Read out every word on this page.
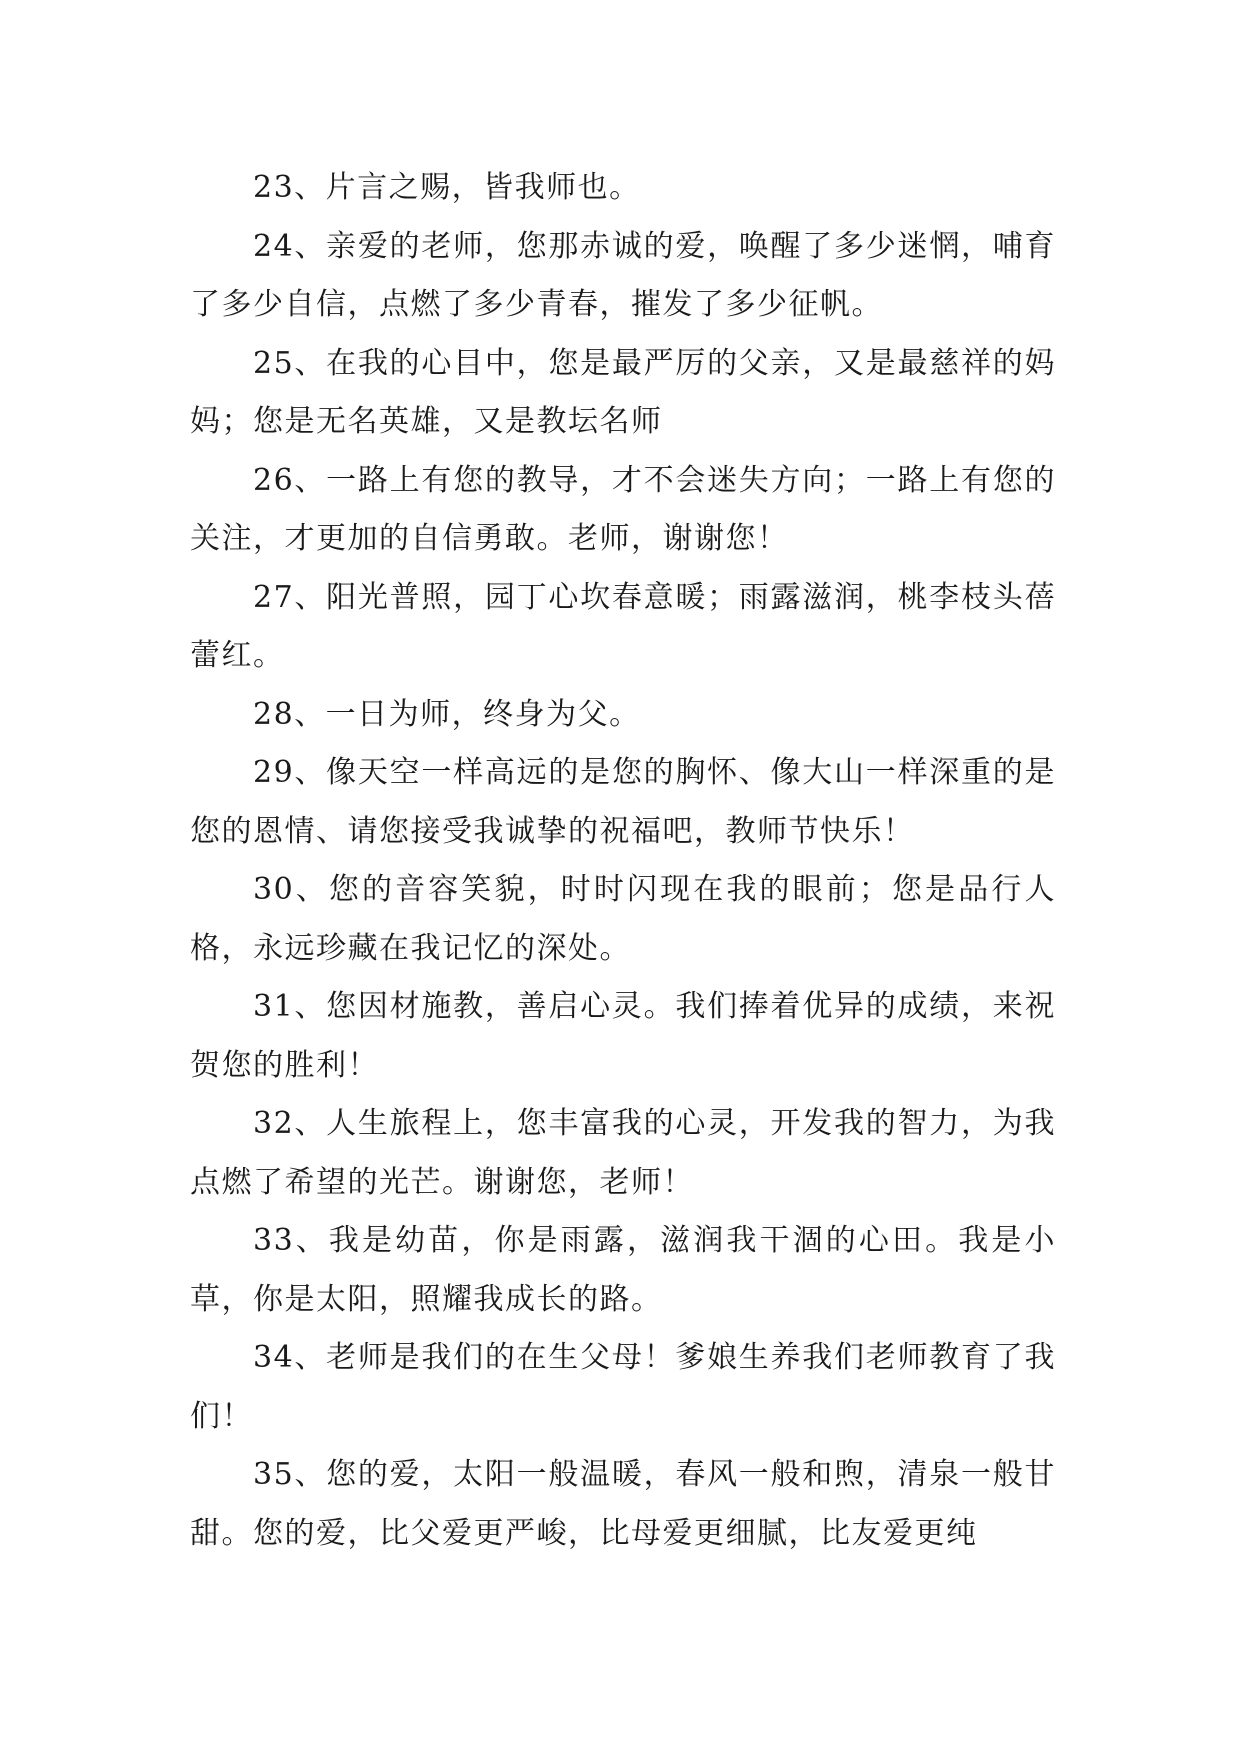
23、片言之赐，皆我师也。

24、亲爱的老师，您那赤诚的爱，唤醒了多少迷惘，哺育了多少自信，点燃了多少青春，摧发了多少征帆。

25、在我的心目中，您是最严厉的父亲，又是最慈祥的妈妈；您是无名英雄，又是教坛名师

26、一路上有您的教导，才不会迷失方向；一路上有您的关注，才更加的自信勇敢。老师，谢谢您！

27、阳光普照，园丁心坎春意暖；雨露滋润，桃李枝头蓓蕾红。

28、一日为师，终身为父。

29、像天空一样高远的是您的胸怀、像大山一样深重的是您的恩情、请您接受我诚挚的祝福吧，教师节快乐！

30、您的音容笑貌，时时闪现在我的眼前；您是品行人格，永远珍藏在我记忆的深处。

31、您因材施教，善启心灵。我们捧着优异的成绩，来祝贺您的胜利！

32、人生旅程上，您丰富我的心灵，开发我的智力，为我点燃了希望的光芒。谢谢您，老师！

33、我是幼苗，你是雨露，滋润我干涸的心田。我是小草，你是太阳，照耀我成长的路。

34、老师是我们的在生父母！爹娘生养我们老师教育了我们！

35、您的爱，太阳一般温暖，春风一般和煦，清泉一般甘甜。您的爱，比父爱更严峻，比母爱更细腻，比友爱更纯
